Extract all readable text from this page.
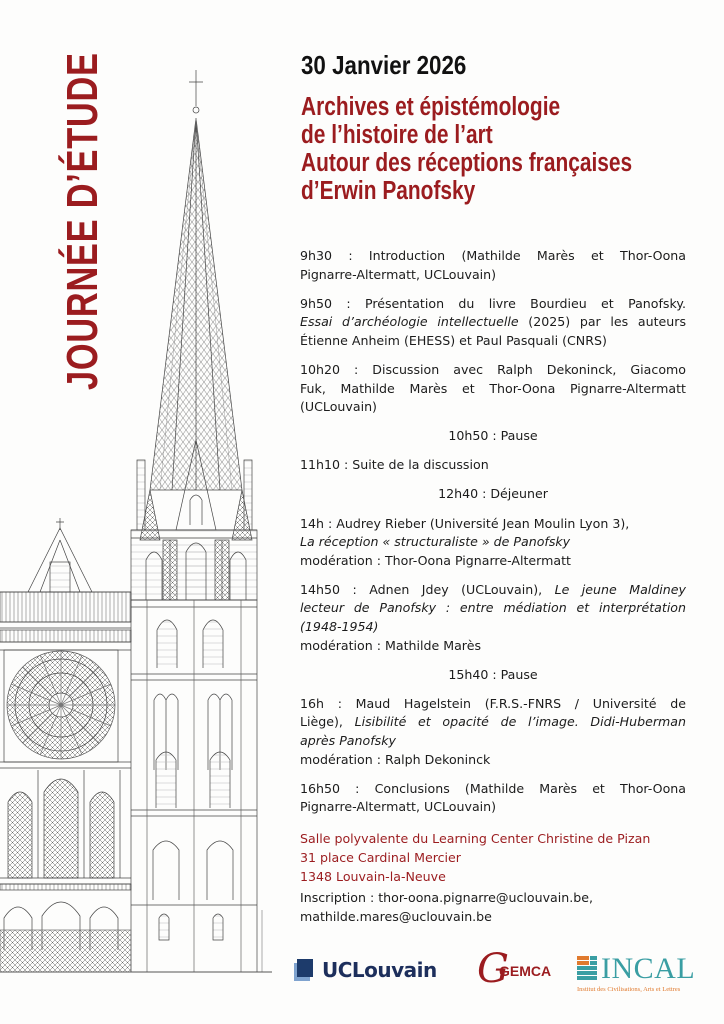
JOURNÉE D’ÉTUDE	30 Janvier 2026
Archives et épistémologie
de l’histoire de l’art
Autour des réceptions françaises
d’Erwin Panofsky
9h30 : Introduction (Mathilde Marès et Thor-Oona
Pignarre-Altermatt, UCLouvain)
9h50 : Présentation du livre Bourdieu et Panofsky.
Essai d’archéologie intellectuelle (2025) par les auteurs
Étienne Anheim (EHESS) et Paul Pasquali (CNRS)
10h20 : Discussion avec Ralph Dekoninck, Giacomo
Fuk, Mathilde Marès et Thor-Oona Pignarre-Altermatt
(UCLouvain)
10h50 : Pause
11h10 : Suite de la discussion
12h40 : Déjeuner
14h : Audrey Rieber (Université Jean Moulin Lyon 3),
La réception « structuraliste » de Panofsky
modération : Thor-Oona Pignarre-Altermatt
14h50 : Adnen Jdey (UCLouvain), Le jeune Maldiney
lecteur de Panofsky : entre médiation et interprétation
(1948-1954)
modération : Mathilde Marès
15h40 : Pause
16h : Maud Hagelstein (F.R.S.-FNRS / Université de
Liège), Lisibilité et opacité de l’image. Didi-Huberman
après Panofsky
modération : Ralph Dekoninck
16h50 : Conclusions (Mathilde Marès et Thor-Oona
Pignarre-Altermatt, UCLouvain)
Salle polyvalente du Learning Center Christine de Pizan
31 place Cardinal Mercier
1348 Louvain-la-Neuve
Inscription : thor-oona.pignarre@uclouvain.be,
mathilde.mares@uclouvain.be
UCLouvain G
GEMCA INCAL
Institut des Civilisations, Arts et Lettres
